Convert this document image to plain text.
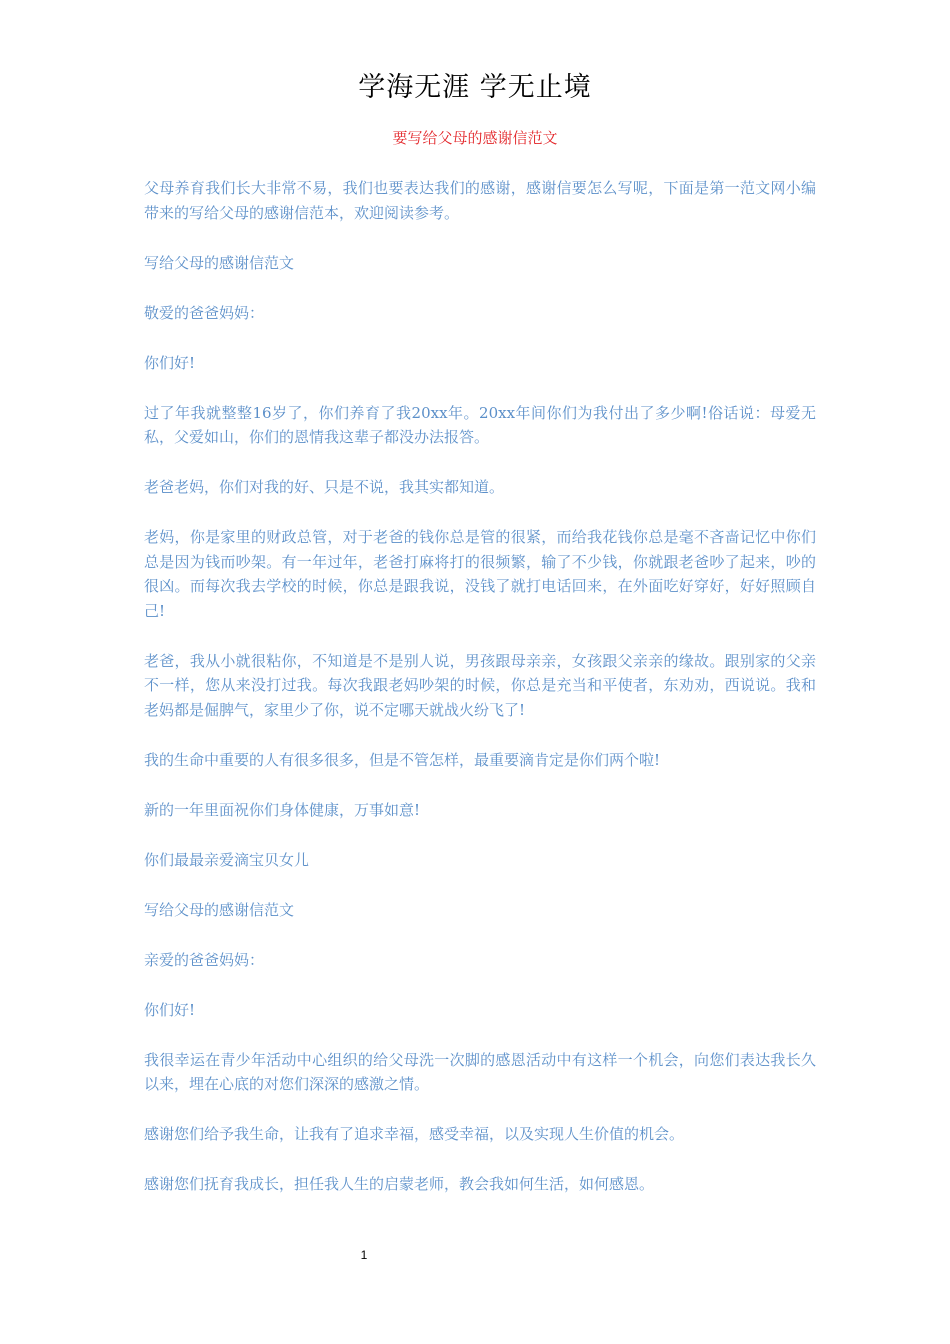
学海无涯 学无止境
要写给父母的感谢信范文

父母养育我们长大非常不易，我们也要表达我们的感谢，感谢信要怎么写呢，下面是第一范文网小编带来的写给父母的感谢信范本，欢迎阅读参考。

写给父母的感谢信范文

敬爱的爸爸妈妈：

你们好!

过了年我就整整16岁了，你们养育了我20xx年。20xx年间你们为我付出了多少啊!俗话说：母爱无私，父爱如山，你们的恩情我这辈子都没办法报答。

老爸老妈，你们对我的好、只是不说，我其实都知道。

老妈，你是家里的财政总管，对于老爸的钱你总是管的很紧，而给我花钱你总是毫不吝啬记忆中你们总是因为钱而吵架。有一年过年，老爸打麻将打的很频繁，输了不少钱，你就跟老爸吵了起来，吵的很凶。而每次我去学校的时候，你总是跟我说，没钱了就打电话回来，在外面吃好穿好，好好照顾自己!

老爸，我从小就很粘你，不知道是不是别人说，男孩跟母亲亲，女孩跟父亲亲的缘故。跟别家的父亲不一样，您从来没打过我。每次我跟老妈吵架的时候，你总是充当和平使者，东劝劝，西说说。我和老妈都是倔脾气，家里少了你，说不定哪天就战火纷飞了!

我的生命中重要的人有很多很多，但是不管怎样，最重要滴肯定是你们两个啦!

新的一年里面祝你们身体健康，万事如意!

你们最最亲爱滴宝贝女儿

写给父母的感谢信范文

亲爱的爸爸妈妈：

你们好!

我很幸运在青少年活动中心组织的给父母洗一次脚的感恩活动中有这样一个机会，向您们表达我长久以来，埋在心底的对您们深深的感激之情。

感谢您们给予我生命，让我有了追求幸福，感受幸福，以及实现人生价值的机会。

感谢您们抚育我成长，担任我人生的启蒙老师，教会我如何生活，如何感恩。

1
